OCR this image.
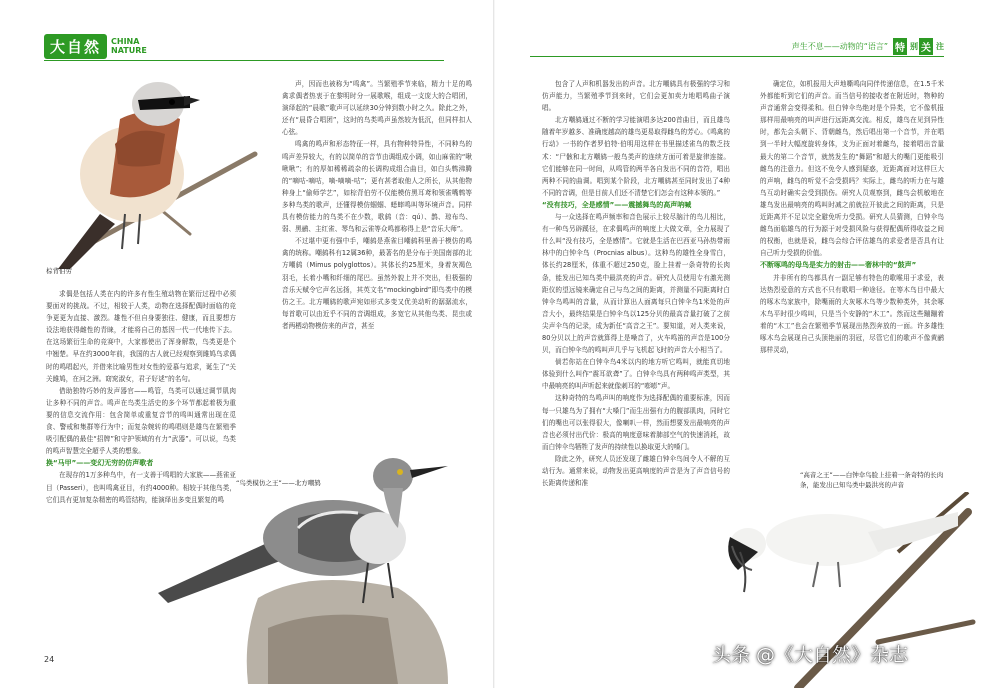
大自然	CHINA
NATURE	声生不息——动物的“语言” 特 别 关 注
棕背伯劳
“鸟类模仿之王”——北方嘲鸫
“高音之王”——白钟伞鸟脸上挂着一条奇特的长肉条，能发出已知鸟类中最洪亮的声音

求偶是包括人类在内的许多有性生殖动物在繁衍过程中必须要面对的挑战。不过，相较于人类，动物在选择配偶时面临的竞争更更为直接、激烈。雄性不但自身要独往、健康，而且要想方设法地获得雌性的青睐，才能将自己的基因一代一代地传下去。在这场繁衍生命的竞赛中，大家都使出了浑身解数，鸟类更是个中翘楚。早在约3000年前，我国的古人就已经观察到雎鸠鸟求偶时的鸣唱起兴，并借来比喻男性对女性的爱慕与追求，诞生了“关关雎鸠，在河之洲。窈窕淑女，君子好逑”的名句。

借助独特巧妙的发声器官——鸣管，鸟类可以通过调节肌肉让多种不同的声音。鸣声在鸟类生活史的多个环节都起着极为重要的信息交流作用：包含简单或重复音节的鸣叫通常出现在觅食、警戒和集群等行为中；而复杂婉转的鸣唱则是雄鸟在繁殖季吸引配偶的最佳“招牌”和守护领域的有力“武器”。可以说，鸟类的鸣声智慧完全超乎人类的想象。

换“马甲”——变幻无穷的仿声歌者

在现存的1万多种鸟中，有一支善于鸣唱的大家族——燕雀亚目（Passeri），也叫鸣禽亚目，有约4000种。相较于其他鸟类，它们具有更加复杂精密的鸣管结构，能演绎出多变且繁复的鸣

声，因而也被称为“鸣禽”。当繁殖季节来临，精力十足的鸣禽求偶者热衷于在黎明时分一展歌喉，组成一支庞大的合唱团，演绎起的“晨歌”歌声可以延续30分钟到数小时之久。除此之外，还有“晨昏合唱团”，这时的鸟类鸣声虽然较为低沉，但同样扣人心弦。

鸣禽的鸣声和形态特征一样，具有物种特异性，不同种鸟的鸣声差异较大，有的以简单的音节由调组成小调，如山麻雀的“啾啾啾”；有的厚如稀稀疏杂的长调构成组合曲目，如白头鹎沸腾的“嘀咕-嘀咕，嘀-嘀嘀-咕”；更有甚者取他人之所长，从其他物种身上“偷师学艺”，如棕背伯劳不仅能模仿黑耳鸢和领雀嘴鹎等多种鸟类的歌声，还懂得模仿蝈蝈、蟋蟀鸣叫等环境声音。同样具有模仿能力的鸟类不在少数，歌鸫（音：qú）、鹊、琼布鸟、弱、黑鹂、主红雀、琴鸟和云雀等众鸣都称得上是“音乐大师”。

不过堪中更有强中手，嘲鸫是燕雀目嘲鸫科里善于模仿的鸣禽的统称。嘲鸫科有12属36种，最著名的是分布于美国南部的北方嘲鸫（Mimus polyglottos）。其体长约25厘米，身着灰褐色羽毛，长着小嘴和纤细的尾巴。虽然外貌上并不突出，但极强的音乐天赋令它声名远扬，其英文名“mockingbird”即鸟类中的模仿之王。北方嘲鸫的歌声宛如形式多变又优美动听的潺潺流水，每首歌可以由近乎不同的音调组成，多宽它从其他鸟类、昆虫或者两栖动物模仿来的声音，甚至

包含了人声和机器发出的声音。北方嘲鸫具有极强的学习和仿声能力，当繁殖季节到来时，它们会更加卖力地唱鸣曲子演唱。

北方嘲鸫通过不断的学习能演唱多达200首曲目，而且雄鸟随着年岁越多、准确度越高的雄鸟更易取得雌鸟的芳心。《鸣禽的行动》一书的作者罗伯特·伯明用这样在书里描述雀鸟的数乏技术：“尸骸和北方嘲鸫一般鸟类声的连续方面可着是旋律连接。它们能够在同一时间，从鸣管的两半各自发出不同的音符，唱出两种不同的曲调。唱到某个阶段，北方嘲鸫甚至同时发出了4种不同的音调，但是目前人们还不清楚它们怎会有这种本领的。”

“没有技巧，全是感情”——震撼舞鸟的高声呐喊

与一众选择在鸣声频率和音色展示上较尽脑汁的鸟儿相比，有一种鸟另辟蹊径，在求偶鸣声的响度上大做文章，全力展现了什么叫“没有技巧，全是感情”。它就是生活在巴西亚马孙热带雨林中的白钟伞鸟（Procnias albus）。这种鸟的雄性全身雪白，体长约28厘米，体重不超过250克，脸上挂着一条奇特的长肉条，能发出已知鸟类中最洪亮的声音。研究人员使用专有激光测距仪的望远镜来确定自己与鸟之间的距离，并测量不同距离时白钟伞鸟鸣叫的音量，从而计算出人面离每只白钟伞鸟1米处的声音大小，最终结果是白钟伞鸟以125分贝的最高音量打破了之前尖声伞鸟的记录，成为新任“高音之王”。要知道，对人类来说，80分贝以上的声音就算得上是噪音了，火车鸣笛的声音是100分贝，而白钟伞鸟的鸣叫声几乎与飞机起飞时的声音大小相当了。

倘若你站在白钟伞鸟4米以内的地方听它鸣叫，就能真切地体验到什么叫作“震耳欲聋”了。白钟伞鸟具有两种鸣声类型，其中最响亮的叫声听起来就像刺耳的“嘭嘭”声。

这种奇特的鸟鸣声叫的响度作为选择配偶的重要标准，因而每一只雄鸟为了拥有“大嗓门”而生出强有力的腹部肌肉，同时它们的嘴也可以张得很大，像喇叭一样，然而想要发出最响亮的声音也必须付出代价：极高的响度意味着肺部空气的快速消耗，故而白钟伞鸟牺牲了发声的持续性以换取更大的嗓门。

除此之外，研究人员还发现了雌雄白钟伞鸟间令人不解的互动行为。通常来说，动物发出更高响度的声音是为了声音信号的长距离传递和准

确定位，如机报用大声地嘶鸣向同伴传递信息，在1.5千米外都能听到它们的声音。而当信号的接收者在附近时，物种的声音通常会变得柔和。但白钟伞鸟绝对是个异类，它不像机报那样用最响亮的叫声进行远距离交流。相反，雄鸟在见到异性时，都先会头朝下、背朝雌鸟，然后唱出第一个音节，并在唱到一半时大幅度旋转身体，支为正面对着雌鸟，接着唱出音量最大的第二个音节，就然发生的“舞蹈”和超大的嘴门更能吸引雌鸟的注意力。但这不免令人感到疑惑，近距离面对这样巨大的声响，雌鸟的听觉不会受损吗？实际上，雌鸟的听力在与雄鸟互动时确实会受到损伤。研究人员观察到，雌鸟会机敏地在雄鸟发出最响亮的鸣叫时减之前就拉开彼此之间的距离，只是近距离并不足以完全避免听力受损。研究人员猜测，白钟伞鸟雌鸟面临雄鸟的行为源于对受损风险与获得配偶所得收益之间的权衡，也就是说，雌鸟会综合评估雄鸟的求爱者是否具有让自己听力受损的价值。

不断啄鸣的母鸟是实力的射击——奢林中的“鼓声”

并非所有的鸟都具有一副足够有特色的歌喉用于求爱，表达热烈爱意的方式也不只有歌唱一种途径。在等木鸟目中最大的啄木鸟家族中，除嘴雨的大灰啄木鸟等少数种类外，其余啄木鸟平时很少鸣叫，只是当个安静的“木工”。然而这些蹦蹦着着的“木工”也会在繁殖季节展现出热烈奔放的一面。许多雄性啄木鸟会展现自己头顶艳丽的羽冠，尽管它们的歌声不像黄鹂那样灵动，

24	头条 @《大自然》杂志
